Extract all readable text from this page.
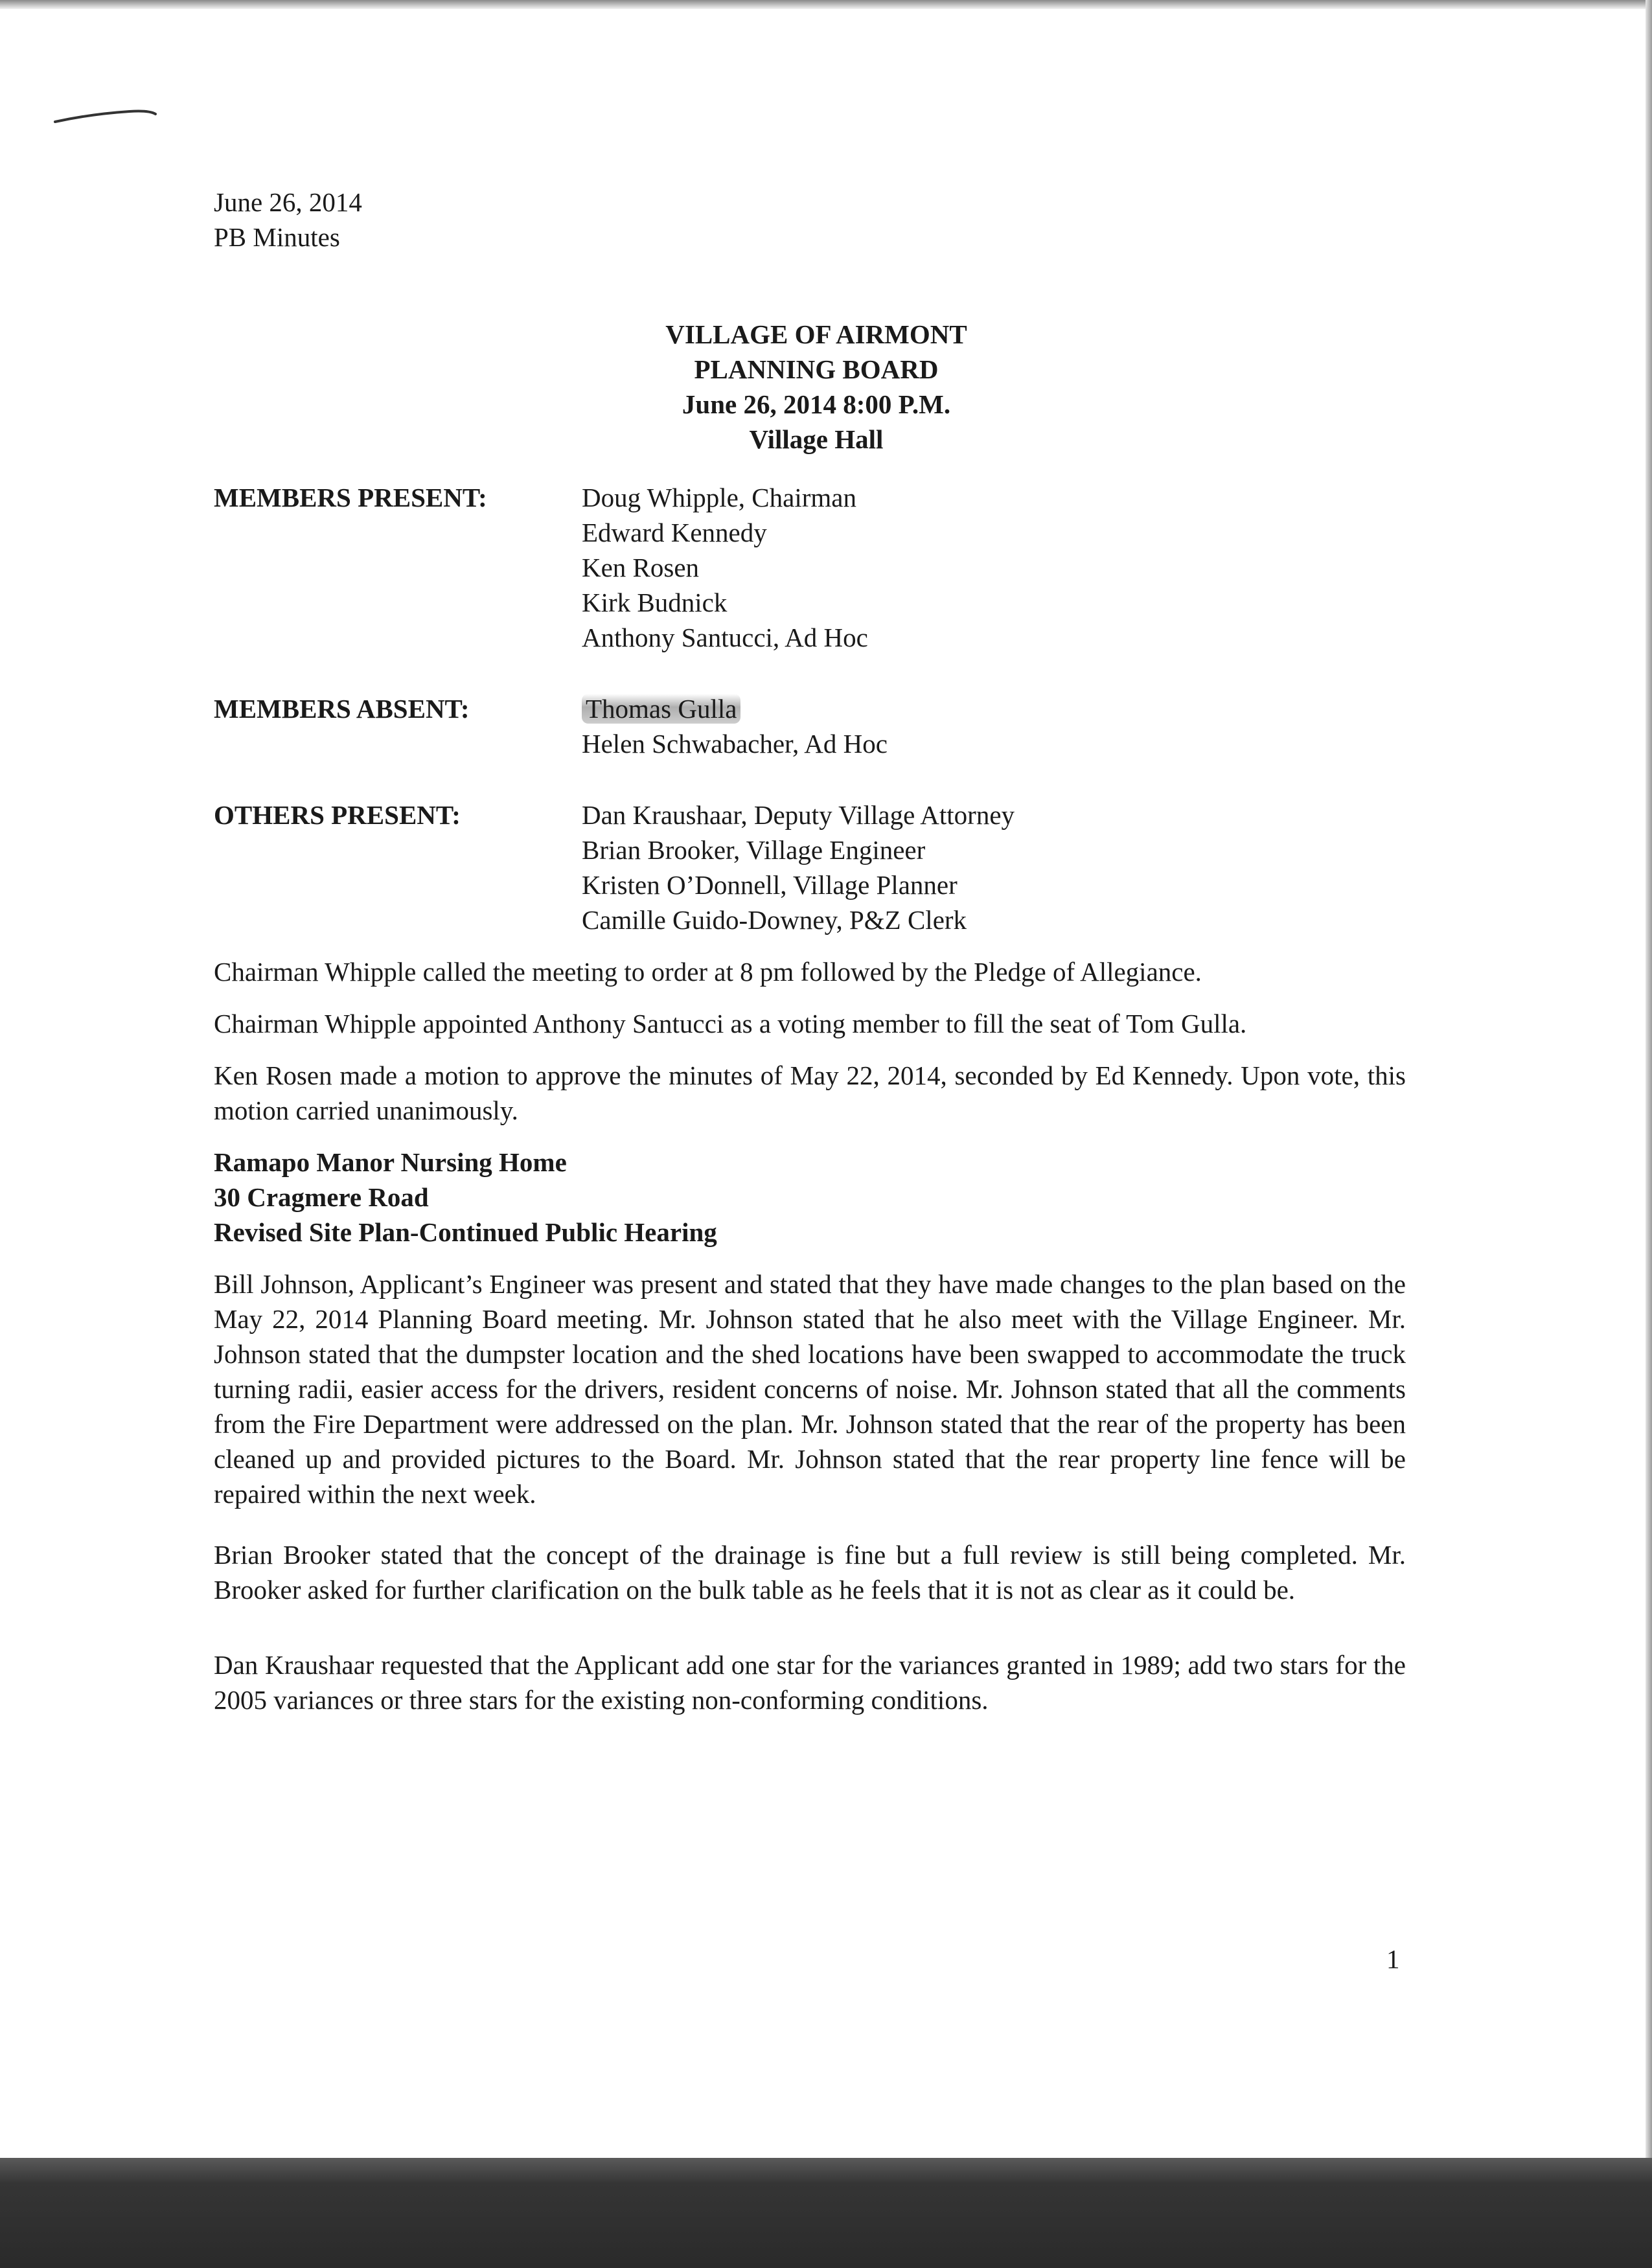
June 26, 2014

PB Minutes

VILLAGE OF AIRMONT
PLANNING BOARD
June 26, 2014 8:00 P.M.
Village Hall
MEMBERS PRESENT:	Doug Whipple, Chairman
Edward Kennedy
Ken Rosen
Kirk Budnick
Anthony Santucci, Ad Hoc
MEMBERS ABSENT:	Thomas Gulla
Helen Schwabacher, Ad Hoc
OTHERS PRESENT:	Dan Kraushaar, Deputy Village Attorney
Brian Brooker, Village Engineer
Kristen O’Donnell, Village Planner
Camille Guido-Downey, P&Z Clerk

Chairman Whipple called the meeting to order at 8 pm followed by the Pledge of Allegiance.

Chairman Whipple appointed Anthony Santucci as a voting member to fill the seat of Tom Gulla.

Ken Rosen made a motion to approve the minutes of May 22, 2014, seconded by Ed Kennedy. Upon vote, this motion carried unanimously.

Ramapo Manor Nursing Home
30 Cragmere Road
Revised Site Plan-Continued Public Hearing

Bill Johnson, Applicant’s Engineer was present and stated that they have made changes to the plan based on the May 22, 2014 Planning Board meeting. Mr. Johnson stated that he also meet with the Village Engineer. Mr. Johnson stated that the dumpster location and the shed locations have been swapped to accommodate the truck turning radii, easier access for the drivers, resident concerns of noise. Mr. Johnson stated that all the comments from the Fire Department were addressed on the plan. Mr. Johnson stated that the rear of the property has been cleaned up and provided pictures to the Board. Mr. Johnson stated that the rear property line fence will be repaired within the next week.

Brian Brooker stated that the concept of the drainage is fine but a full review is still being completed. Mr. Brooker asked for further clarification on the bulk table as he feels that it is not as clear as it could be.

Dan Kraushaar requested that the Applicant add one star for the variances granted in 1989; add two stars for the 2005 variances or three stars for the existing non-conforming conditions.

1
